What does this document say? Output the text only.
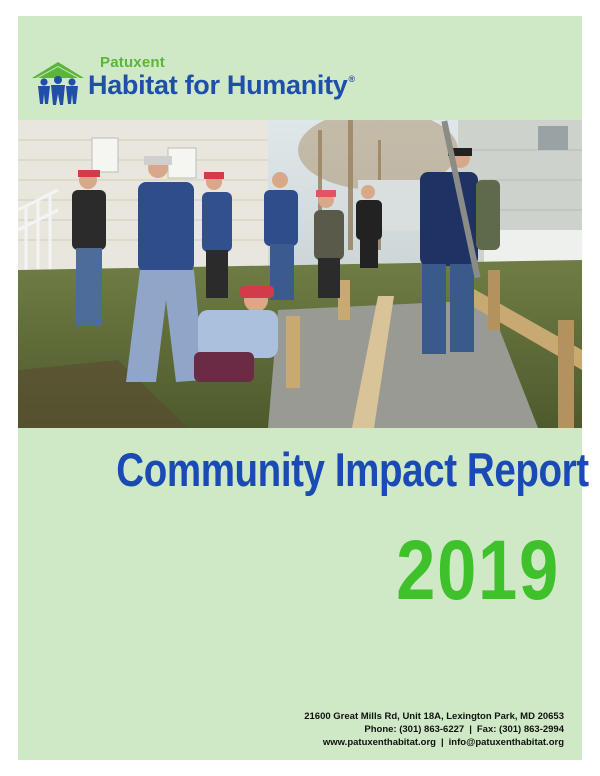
Patuxent
Habitat for Humanity®
Community Impact Report
2019
21600 Great Mills Rd, Unit 18A, Lexington Park, MD 20653
Phone: (301) 863-6227 | Fax: (301) 863-2994
www.patuxenthabitat.org | info@patuxenthabitat.org
